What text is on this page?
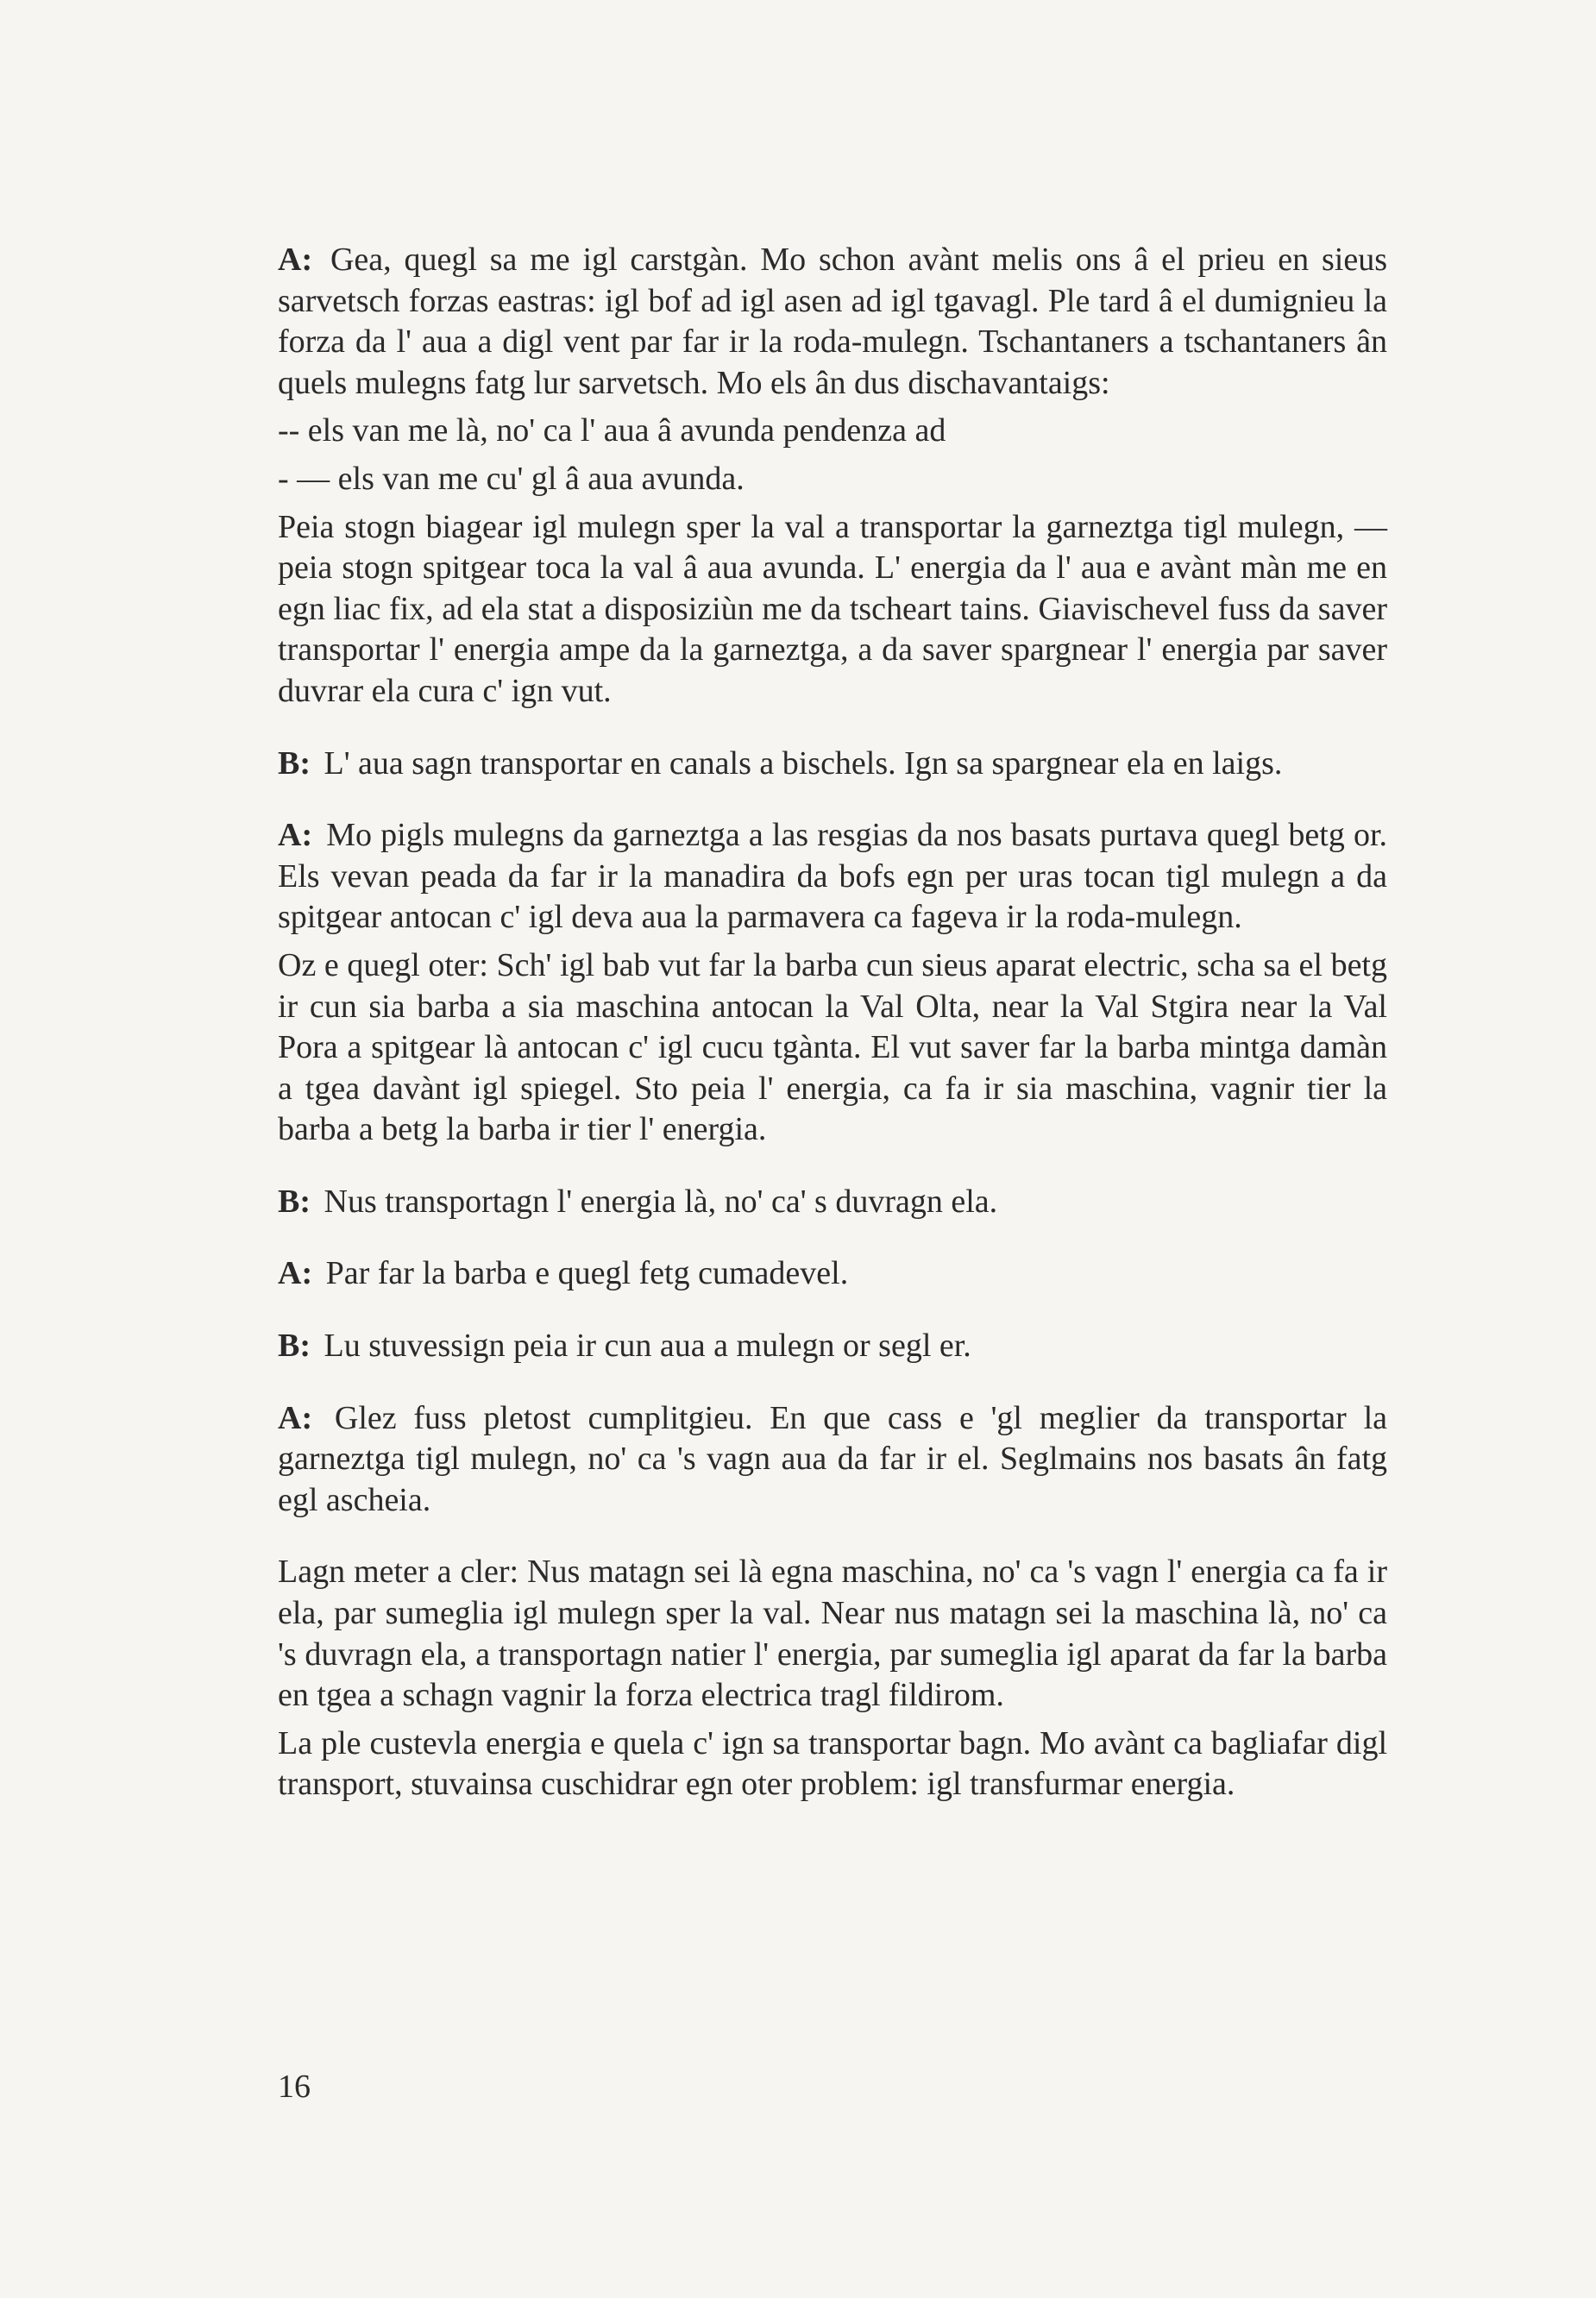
A: Gea, quegl sa me igl carstgàn. Mo schon avànt melis ons â el prieu en sieus sarvetsch forzas eastras: igl bof ad igl asen ad igl tgavagl. Ple tard â el dumignieu la forza da l' aua a digl vent par far ir la roda-mulegn. Tschantaners a tschantaners ân quels mulegns fatg lur sarvetsch. Mo els ân dus dischavantaigs:

-- els van me là, no' ca l' aua â avunda pendenza ad

- — els van me cu' gl â aua avunda.

Peia stogn biagear igl mulegn sper la val a transportar la garneztga tigl mulegn, — peia stogn spitgear toca la val â aua avunda. L' energia da l' aua e avànt màn me en egn liac fix, ad ela stat a disposiziùn me da tscheart tains. Giavischevel fuss da saver transportar l' energia ampe da la garneztga, a da saver spargnear l' energia par saver duvrar ela cura c' ign vut.

B: L' aua sagn transportar en canals a bischels. Ign sa spargnear ela en laigs.

A: Mo pigls mulegns da garneztga a las resgias da nos basats purtava quegl betg or. Els vevan peada da far ir la manadira da bofs egn per uras tocan tigl mulegn a da spitgear antocan c' igl deva aua la parmavera ca fageva ir la roda-mulegn.

Oz e quegl oter: Sch' igl bab vut far la barba cun sieus aparat electric, scha sa el betg ir cun sia barba a sia maschina antocan la Val Olta, near la Val Stgira near la Val Pora a spitgear là antocan c' igl cucu tgànta. El vut saver far la barba mintga damàn a tgea davànt igl spiegel. Sto peia l' energia, ca fa ir sia maschina, vagnir tier la barba a betg la barba ir tier l' energia.

B: Nus transportagn l' energia là, no' ca' s duvragn ela.

A: Par far la barba e quegl fetg cumadevel.

B: Lu stuvessign peia ir cun aua a mulegn or segl er.

A: Glez fuss pletost cumplitgieu. En que cass e 'gl meglier da transportar la garneztga tigl mulegn, no' ca 's vagn aua da far ir el. Seglmains nos basats ân fatg egl ascheia.

Lagn meter a cler: Nus matagn sei là egna maschina, no' ca 's vagn l' energia ca fa ir ela, par sumeglia igl mulegn sper la val. Near nus matagn sei la maschina là, no' ca 's duvragn ela, a transportagn natier l' energia, par sumeglia igl aparat da far la barba en tgea a schagn vagnir la forza electrica tragl fildirom.

La ple custevla energia e quela c' ign sa transportar bagn. Mo avànt ca bagliafar digl transport, stuvainsa cuschidrar egn oter problem: igl transfurmar energia.

16
